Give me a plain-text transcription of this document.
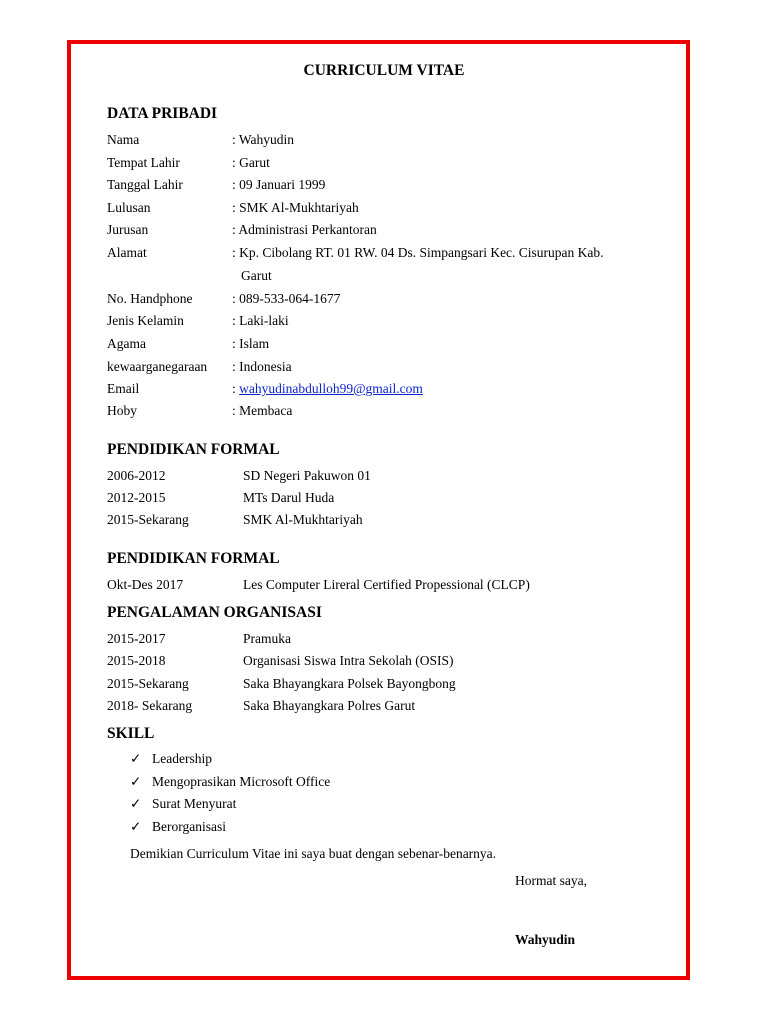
CURRICULUM VITAE
DATA PRIBADI
Nama	: Wahyudin
Tempat Lahir	: Garut
Tanggal Lahir	: 09 Januari 1999
Lulusan	: SMK Al-Mukhtariyah
Jurusan	: Administrasi Perkantoran
Alamat	: Kp. Cibolang RT. 01 RW. 04 Ds. Simpangsari Kec. Cisurupan Kab.
Garut
No. Handphone	: 089-533-064-1677
Jenis Kelamin	: Laki-laki
Agama	: Islam
kewaarganegaraan : Indonesia
Email	: wahyudinabdulloh99@gmail.com
Hoby	: Membaca
PENDIDIKAN FORMAL
2006-2012	SD Negeri Pakuwon 01
2012-2015	MTs Darul Huda
2015-Sekarang	SMK Al-Mukhtariyah
PENDIDIKAN FORMAL
Okt-Des 2017	Les Computer Lireral Certified Propessional (CLCP)
PENGALAMAN ORGANISASI
2015-2017	Pramuka
2015-2018	Organisasi Siswa Intra Sekolah (OSIS)
2015-Sekarang	Saka Bhayangkara Polsek Bayongbong
2018- Sekarang	Saka Bhayangkara Polres Garut
SKILL
✓ Leadership
✓ Mengoprasikan Microsoft Office
✓ Surat Menyurat
✓ Berorganisasi
Demikian Curriculum Vitae ini saya buat dengan sebenar-benarnya.
Hormat saya,
Wahyudin
